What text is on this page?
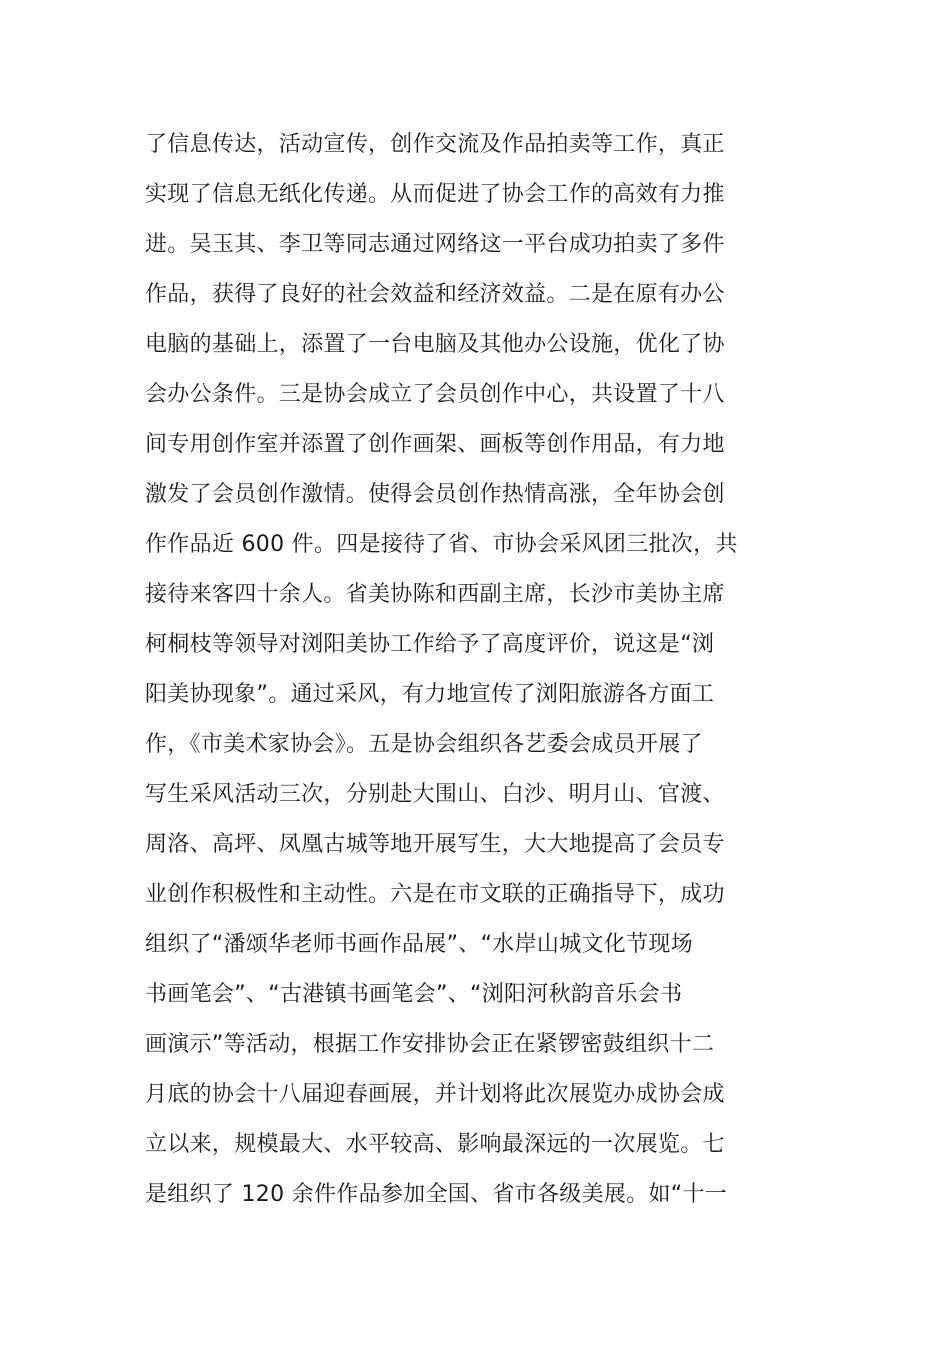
了信息传达，活动宣传，创作交流及作品拍卖等工作，真正
实现了信息无纸化传递。从而促进了协会工作的高效有力推
进。吴玉其、李卫等同志通过网络这一平台成功拍卖了多件
作品，获得了良好的社会效益和经济效益。二是在原有办公
电脑的基础上，添置了一台电脑及其他办公设施，优化了协
会办公条件。三是协会成立了会员创作中心，共设置了十八
间专用创作室并添置了创作画架、画板等创作用品，有力地
激发了会员创作激情。使得会员创作热情高涨，全年协会创
作作品近 600 件。四是接待了省、市协会采风团三批次，共
接待来客四十余人。省美协陈和西副主席，长沙市美协主席
柯桐枝等领导对浏阳美协工作给予了高度评价，说这是“浏
阳美协现象”。通过采风，有力地宣传了浏阳旅游各方面工
作，《市美术家协会》。五是协会组织各艺委会成员开展了
写生采风活动三次，分别赴大围山、白沙、明月山、官渡、
周洛、高坪、凤凰古城等地开展写生，大大地提高了会员专
业创作积极性和主动性。六是在市文联的正确指导下，成功
组织了“潘颂华老师书画作品展”、“水岸山城文化节现场
书画笔会”、“古港镇书画笔会”、“浏阳河秋韵音乐会书
画演示”等活动，根据工作安排协会正在紧锣密鼓组织十二
月底的协会十八届迎春画展，并计划将此次展览办成协会成
立以来，规模最大、水平较高、影响最深远的一次展览。七
是组织了 120 余件作品参加全国、省市各级美展。如“十一
